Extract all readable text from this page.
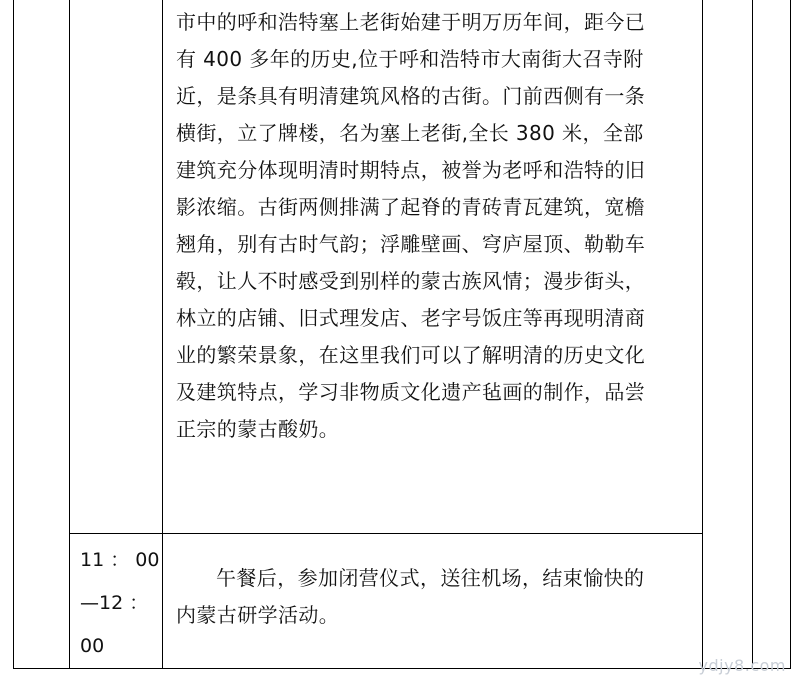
市中的呼和浩特塞上老街始建于明万历年间，距今已
有 400 多年的历史,位于呼和浩特市大南街大召寺附
近，是条具有明清建筑风格的古街。门前西侧有一条
横街，立了牌楼，名为塞上老街,全长 380 米，全部
建筑充分体现明清时期特点，被誉为老呼和浩特的旧
影浓缩。古街两侧排满了起脊的青砖青瓦建筑，宽檐
翘角，别有古时气韵；浮雕壁画、穹庐屋顶、勒勒车
毂，让人不时感受到别样的蒙古族风情；漫步街头，
林立的店铺、旧式理发店、老字号饭庄等再现明清商
业的繁荣景象，在这里我们可以了解明清的历史文化
及建筑特点，学习非物质文化遗产毡画的制作，品尝
正宗的蒙古酸奶。
11 ： 00
—12 ：
00
午餐后，参加闭营仪式，送往机场，结束愉快的
内蒙古研学活动。
ydjy8.com
